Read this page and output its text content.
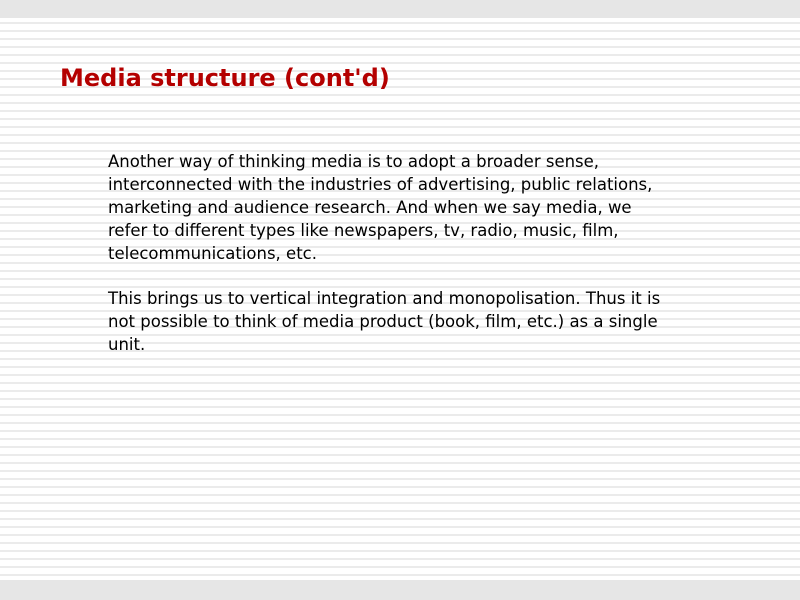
Media structure (cont'd)

Another way of thinking media is to adopt a broader sense, interconnected with the industries of advertising, public relations, marketing and audience research. And when we say media, we refer to different types like newspapers, tv, radio, music, film, telecommunications, etc.

This brings us to vertical integration and monopolisation. Thus it is not possible to think of media product (book, film, etc.) as a single unit.
